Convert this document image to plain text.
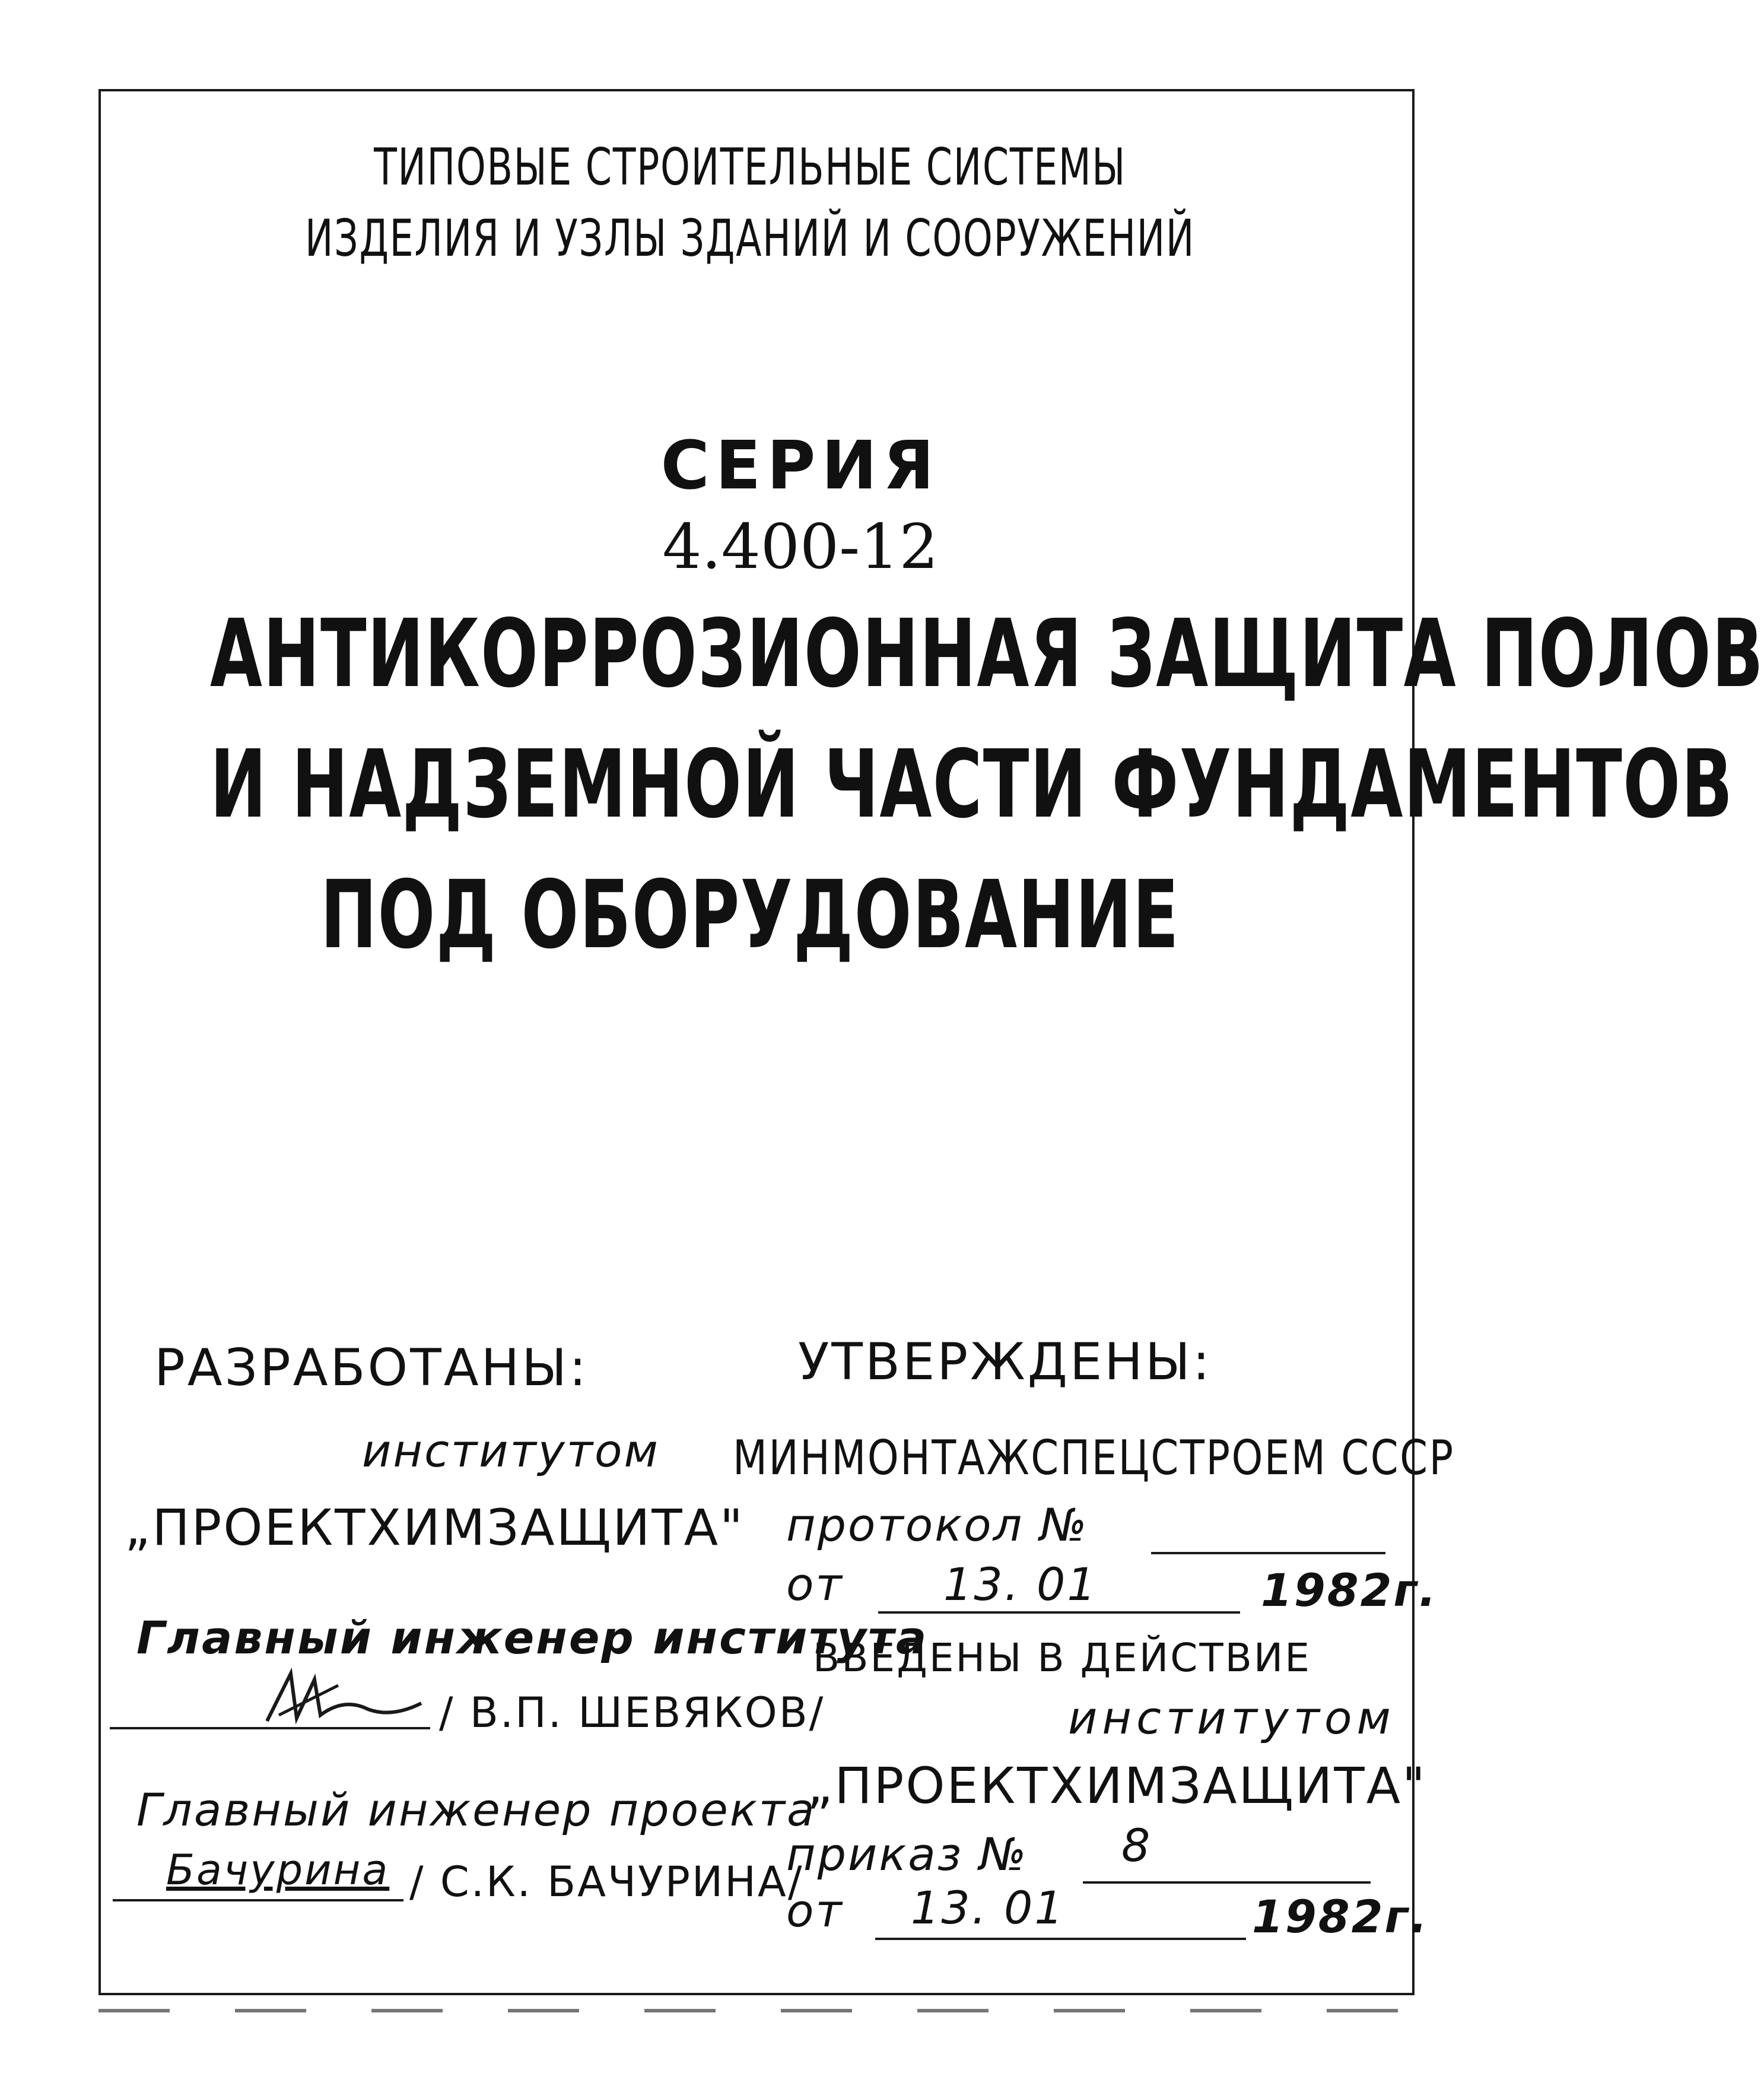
ТИПОВЫЕ СТРОИТЕЛЬНЫЕ СИСТЕМЫ
ИЗДЕЛИЯ И УЗЛЫ ЗДАНИЙ И СООРУЖЕНИЙ
СЕРИЯ
4.400-12
АНТИКОРРОЗИОННАЯ ЗАЩИТА ПОЛОВ
И НАДЗЕМНОЙ ЧАСТИ ФУНДАМЕНТОВ
ПОД ОБОРУДОВАНИЕ
РАЗРАБОТАНЫ:
институтом
„ПРОЕКТХИМЗАЩИТА"
Главный инженер института
/ В.П. ШЕВЯКОВ/
Главный инженер проекта
Бачурина / С.К. БАЧУРИНА/
УТВЕРЖДЕНЫ:
МИНМОНТАЖСПЕЦСТРОЕМ СССР
протокол №
от 13. 01	1982г.
ВВЕДЕНЫ В ДЕЙСТВИЕ
институтом
„ПРОЕКТХИМЗАЩИТА"
приказ № 8
от 13. 01	1982г.
